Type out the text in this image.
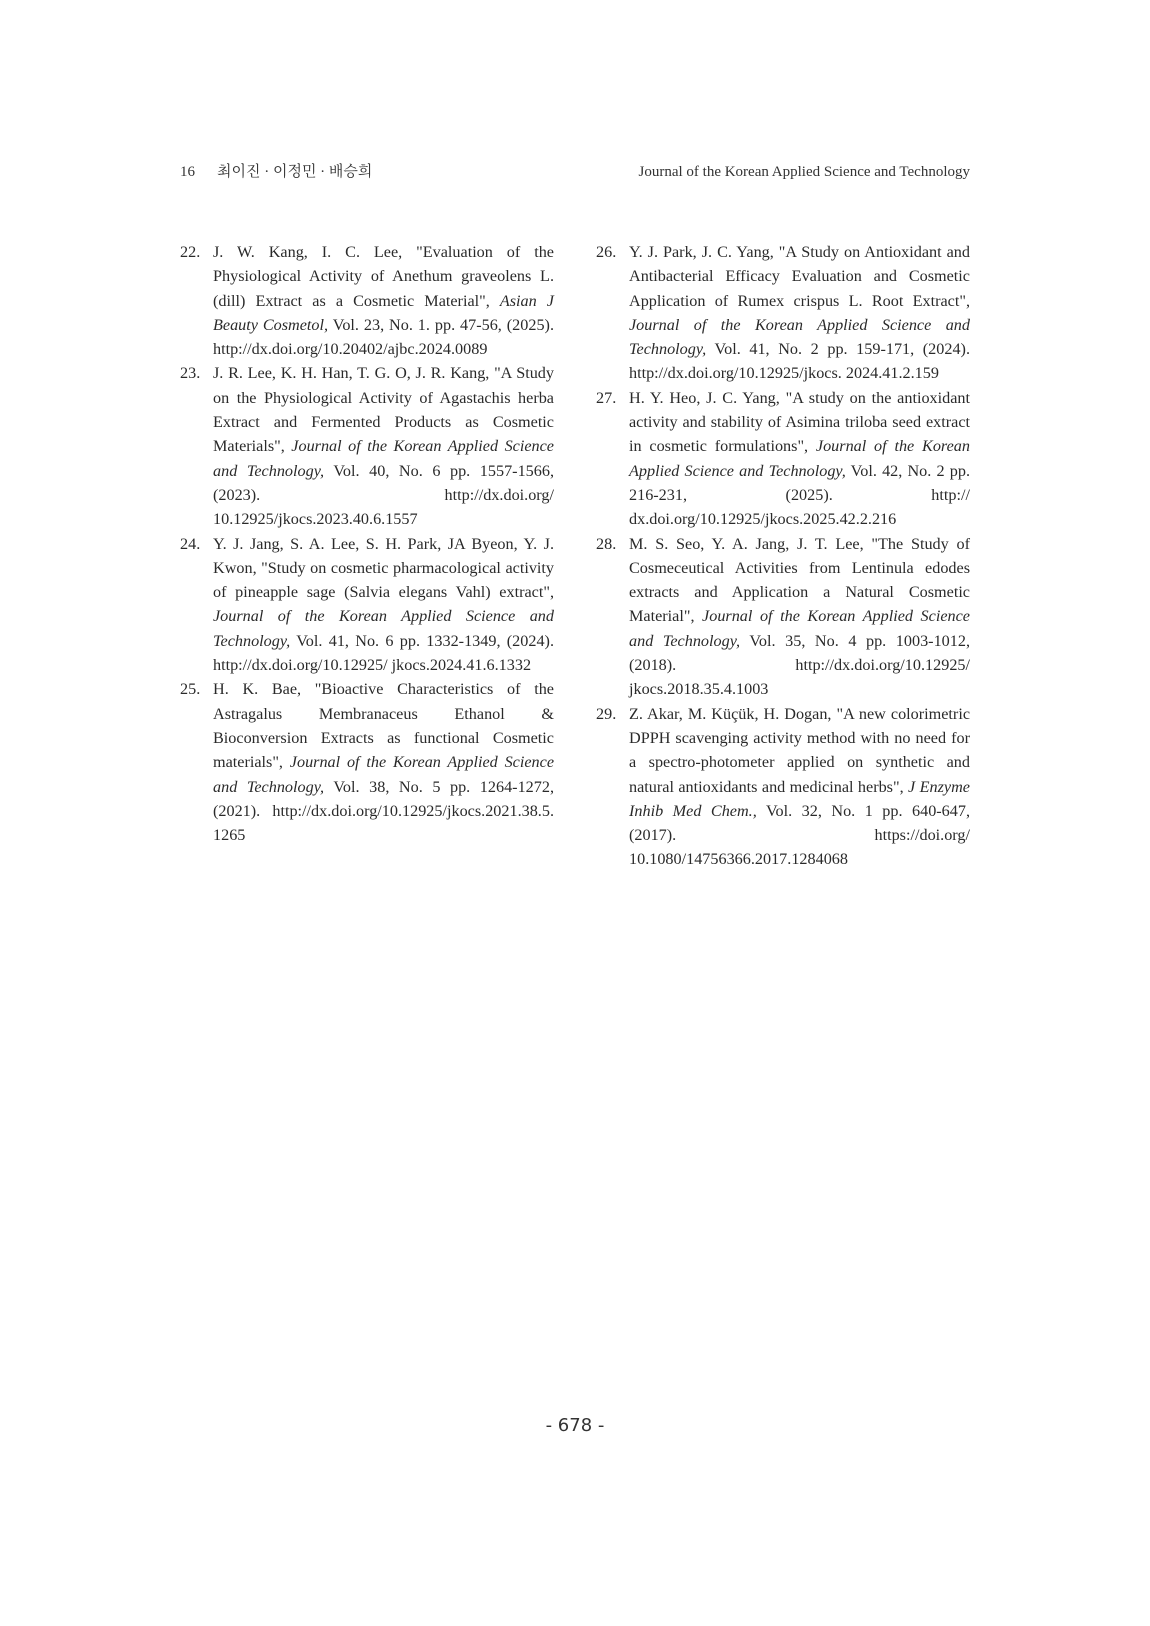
16 최이진 · 이정민 · 배승희	Journal of the Korean Applied Science and Technology
22. J. W. Kang, I. C. Lee, "Evaluation of the Physiological Activity of Anethum graveolens L. (dill) Extract as a Cosmetic Material", Asian J Beauty Cosmetol, Vol. 23, No. 1. pp. 47-56, (2025). http://dx.doi.org/10.20402/ajbc.2024.0089
23. J. R. Lee, K. H. Han, T. G. O, J. R. Kang, "A Study on the Physiological Activity of Agastachis herba Extract and Fermented Products as Cosmetic Materials", Journal of the Korean Applied Science and Technology, Vol. 40, No. 6 pp. 1557-1566, (2023). http://dx.doi.org/ 10.12925/jkocs.2023.40.6.1557
24. Y. J. Jang, S. A. Lee, S. H. Park, JA Byeon, Y. J. Kwon, "Study on cosmetic pharmacological activity of pineapple sage (Salvia elegans Vahl) extract", Journal of the Korean Applied Science and Technology, Vol. 41, No. 6 pp. 1332-1349, (2024). http://dx.doi.org/10.12925/ jkocs.2024.41.6.1332
25. H. K. Bae, "Bioactive Characteristics of the Astragalus Membranaceus Ethanol & Bioconversion Extracts as functional Cosmetic materials", Journal of the Korean Applied Science and Technology, Vol. 38, No. 5 pp. 1264-1272, (2021). http://dx.doi.org/10.12925/jkocs.2021.38.5. 1265
26. Y. J. Park, J. C. Yang, "A Study on Antioxidant and Antibacterial Efficacy Evaluation and Cosmetic Application of Rumex crispus L. Root Extract", Journal of the Korean Applied Science and Technology, Vol. 41, No. 2 pp. 159-171, (2024). http://dx.doi.org/10.12925/jkocs. 2024.41.2.159
27. H. Y. Heo, J. C. Yang, "A study on the antioxidant activity and stability of Asimina triloba seed extract in cosmetic formulations", Journal of the Korean Applied Science and Technology, Vol. 42, No. 2 pp. 216-231, (2025). http:// dx.doi.org/10.12925/jkocs.2025.42.2.216
28. M. S. Seo, Y. A. Jang, J. T. Lee, "The Study of Cosmeceutical Activities from Lentinula edodes extracts and Application a Natural Cosmetic Material", Journal of the Korean Applied Science and Technology, Vol. 35, No. 4 pp. 1003-1012, (2018). http://dx.doi.org/10.12925/ jkocs.2018.35.4.1003
29. Z. Akar, M. Küçük, H. Dogan, "A new colorimetric DPPH scavenging activity method with no need for a spectro-photometer applied on synthetic and natural antioxidants and medicinal herbs", J Enzyme Inhib Med Chem., Vol. 32, No. 1 pp. 640-647, (2017). https://doi.org/ 10.1080/14756366.2017.1284068
- 678 -
